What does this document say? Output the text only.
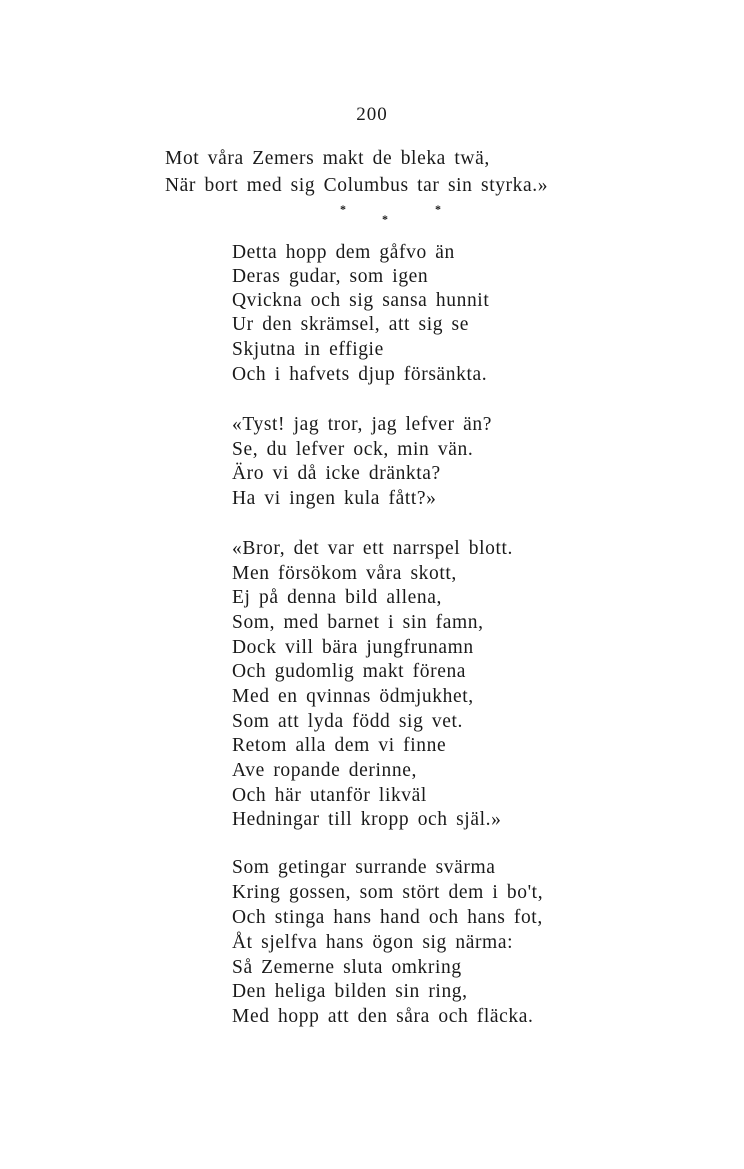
200
Mot våra Zemers makt de bleka twä,
När bort med sig Columbus tar sin styrka.»
*
*
*
Detta hopp dem gåfvo än
Deras gudar, som igen
Qvickna och sig sansa hunnit
Ur den skrämsel, att sig se
Skjutna in effigie
Och i hafvets djup försänkta.
«Tyst! jag tror, jag lefver än?
Se, du lefver ock, min vän.
Äro vi då icke dränkta?
Ha vi ingen kula fått?»
«Bror, det var ett narrspel blott.
Men försökom våra skott,
Ej på denna bild allena,
Som, med barnet i sin famn,
Dock vill bära jungfrunamn
Och gudomlig makt förena
Med en qvinnas ödmjukhet,
Som att lyda född sig vet.
Retom alla dem vi finne
Ave ropande derinne,
Och här utanför likväl
Hedningar till kropp och själ.»
Som getingar surrande svärma
Kring gossen, som stört dem i bo't,
Och stinga hans hand och hans fot,
Åt sjelfva hans ögon sig närma:
Så Zemerne sluta omkring
Den heliga bilden sin ring,
Med hopp att den såra och fläcka.
